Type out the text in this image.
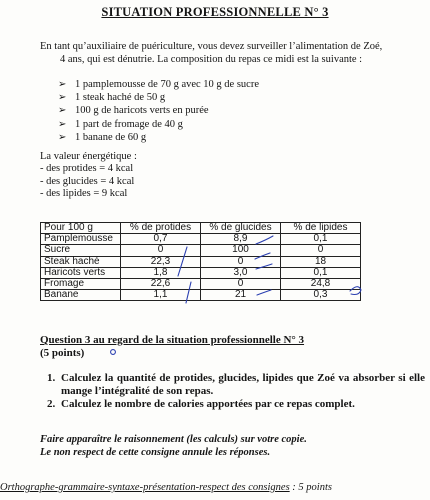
SITUATION PROFESSIONNELLE N° 3
En tant qu’auxiliaire de puériculture, vous devez surveiller l’alimentation de Zoé,
4 ans, qui est dénutrie. La composition du repas ce midi est la suivante :
➢ 1 pamplemousse de 70 g avec 10 g de sucre
➢ 1 steak haché de 50 g
➢ 100 g de haricots verts en purée
➢ 1 part de fromage de 40 g
➢ 1 banane de 60 g
La valeur énergétique :
- des protides = 4 kcal
- des glucides = 4 kcal
- des lipides = 9 kcal
Pour 100 g	% de protides	% de glucides	% de lipides
Pamplemousse	0,7	8,9	0,1
Sucre	0	100	0
Steak haché	22,3	0	18
Haricots verts	1,8	3,0	0,1
Fromage	22,6	0	24,8
Banane	1,1	21	0,3
Question 3 au regard de la situation professionnelle N° 3
(5 points)
1. Calculez la quantité de protides, glucides, lipides que Zoé va absorber si elle mange l’intégralité de son repas.
2. Calculez le nombre de calories apportées par ce repas complet.
Faire apparaître le raisonnement (les calculs) sur votre copie.
Le non respect de cette consigne annule les réponses.
Orthographe-grammaire-syntaxe-présentation-respect des consignes : 5 points
